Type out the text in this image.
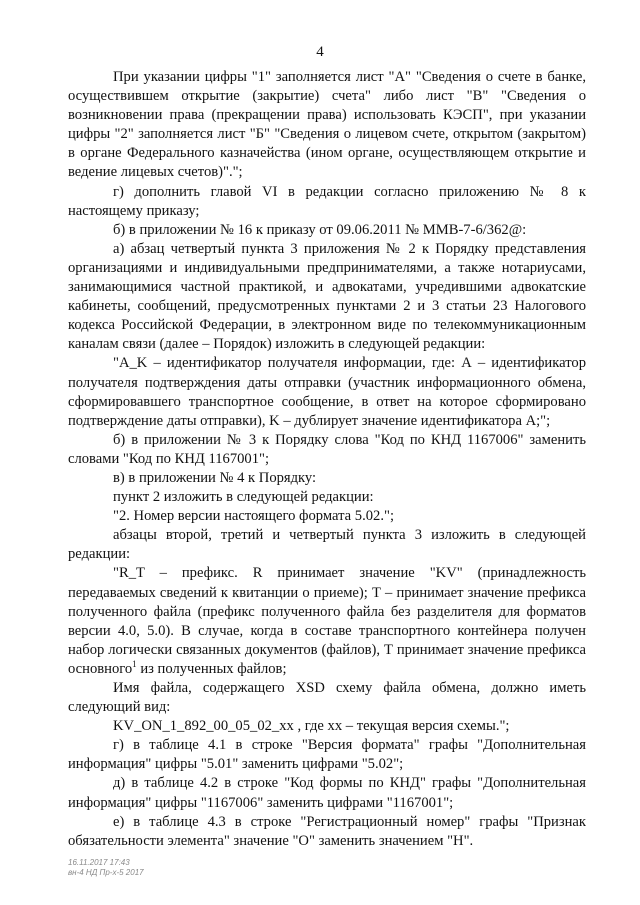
4

При указании цифры "1" заполняется лист "А" "Сведения о счете в банке, осуществившем открытие (закрытие) счета" либо лист "В" "Сведения о возникновении права (прекращении права) использовать КЭСП", при указании цифры "2" заполняется лист "Б" "Сведения о лицевом счете, открытом (закрытом) в органе Федерального казначейства (ином органе, осуществляющем открытие и ведение лицевых счетов)".";

г) дополнить главой VI в редакции согласно приложению № 8 к настоящему приказу;

б) в приложении № 16 к приказу от 09.06.2011 № ММВ-7-6/362@:

а) абзац четвертый пункта 3 приложения № 2 к Порядку представления организациями и индивидуальными предпринимателями, а также нотариусами, занимающимися частной практикой, и адвокатами, учредившими адвокатские кабинеты, сообщений, предусмотренных пунктами 2 и 3 статьи 23 Налогового кодекса Российской Федерации, в электронном виде по телекоммуникационным каналам связи (далее – Порядок) изложить в следующей редакции:

"A_K – идентификатор получателя информации, где: А – идентификатор получателя подтверждения даты отправки (участник информационного обмена, сформировавшего транспортное сообщение, в ответ на которое сформировано подтверждение даты отправки), K – дублирует значение идентификатора А;";

б) в приложении № 3 к Порядку слова "Код по КНД 1167006" заменить словами "Код по КНД 1167001";

в) в приложении № 4 к Порядку:

пункт 2 изложить в следующей редакции:

"2. Номер версии настоящего формата 5.02.";

абзацы второй, третий и четвертый пункта 3 изложить в следующей редакции:

"R_T – префикс. R принимает значение "KV" (принадлежность передаваемых сведений к квитанции о приеме); Т – принимает значение префикса полученного файла (префикс полученного файла без разделителя для форматов версии 4.0, 5.0). В случае, когда в составе транспортного контейнера получен набор логически связанных документов (файлов), Т принимает значение префикса основного$^1$ из полученных файлов;

Имя файла, содержащего XSD схему файла обмена, должно иметь следующий вид:

KV_ON_1_892_00_05_02_xx , где хх – текущая версия схемы.";

г) в таблице 4.1 в строке "Версия формата" графы "Дополнительная информация" цифры "5.01" заменить цифрами "5.02";

д) в таблице 4.2 в строке "Код формы по КНД" графы "Дополнительная информация" цифры "1167006" заменить цифрами "1167001";

е) в таблице 4.3 в строке "Регистрационный номер" графы "Признак обязательности элемента" значение "О" заменить значением "Н".

16.11.2017 17:43
вн-4 НД Пр-х-5 2017
